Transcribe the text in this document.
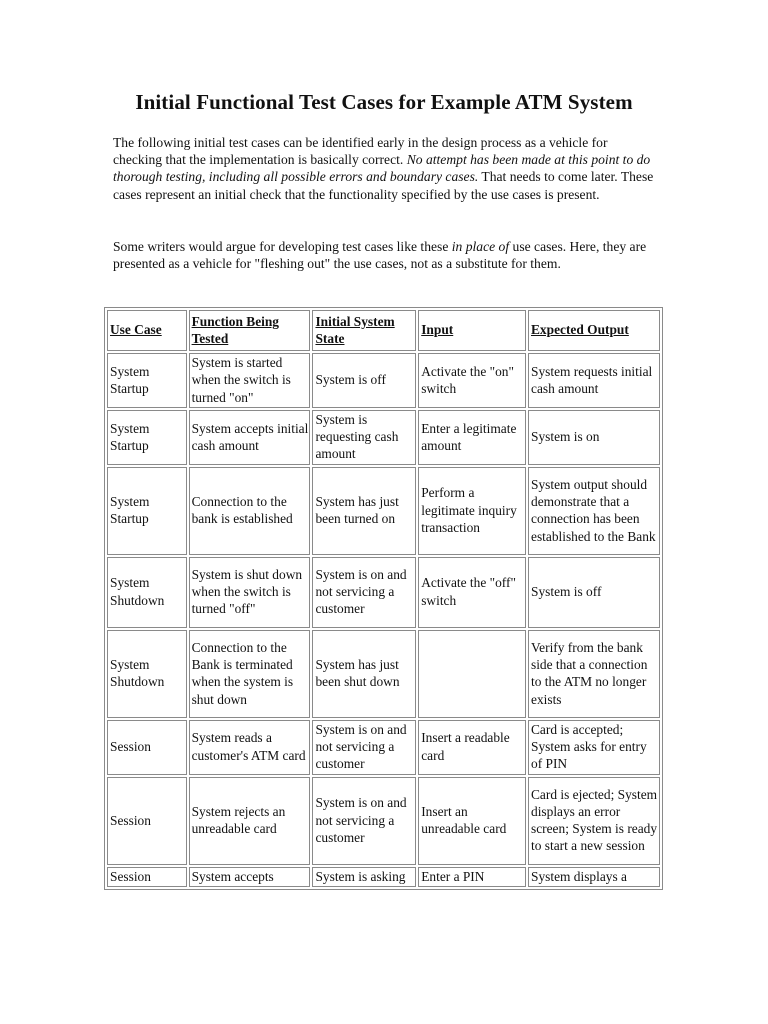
Initial Functional Test Cases for Example ATM System

The following initial test cases can be identified early in the design process as a vehicle for checking that the implementation is basically correct. No attempt has been made at this point to do thorough testing, including all possible errors and boundary cases. That needs to come later. These cases represent an initial check that the functionality specified by the use cases is present.

Some writers would argue for developing test cases like these in place of use cases. Here, they are presented as a vehicle for "fleshing out" the use cases, not as a substitute for them.

Use Case	Function Being Tested	Initial System State	Input	Expected Output
System Startup	System is started when the switch is turned "on"	System is off	Activate the "on" switch	System requests initial cash amount
System Startup	System accepts initial cash amount	System is requesting cash amount	Enter a legitimate amount	System is on
System Startup	Connection to the bank is established	System has just been turned on	Perform a legitimate inquiry transaction	System output should demonstrate that a connection has been established to the Bank
System Shutdown	System is shut down when the switch is turned "off"	System is on and not servicing a customer	Activate the "off" switch	System is off
System Shutdown	Connection to the Bank is terminated when the system is shut down	System has just been shut down		Verify from the bank side that a connection to the ATM no longer exists
Session	System reads a customer's ATM card	System is on and not servicing a customer	Insert a readable card	Card is accepted; System asks for entry of PIN
Session	System rejects an unreadable card	System is on and not servicing a customer	Insert an unreadable card	Card is ejected; System displays an error screen; System is ready to start a new session
Session	System accepts	System is asking	Enter a PIN	System displays a
